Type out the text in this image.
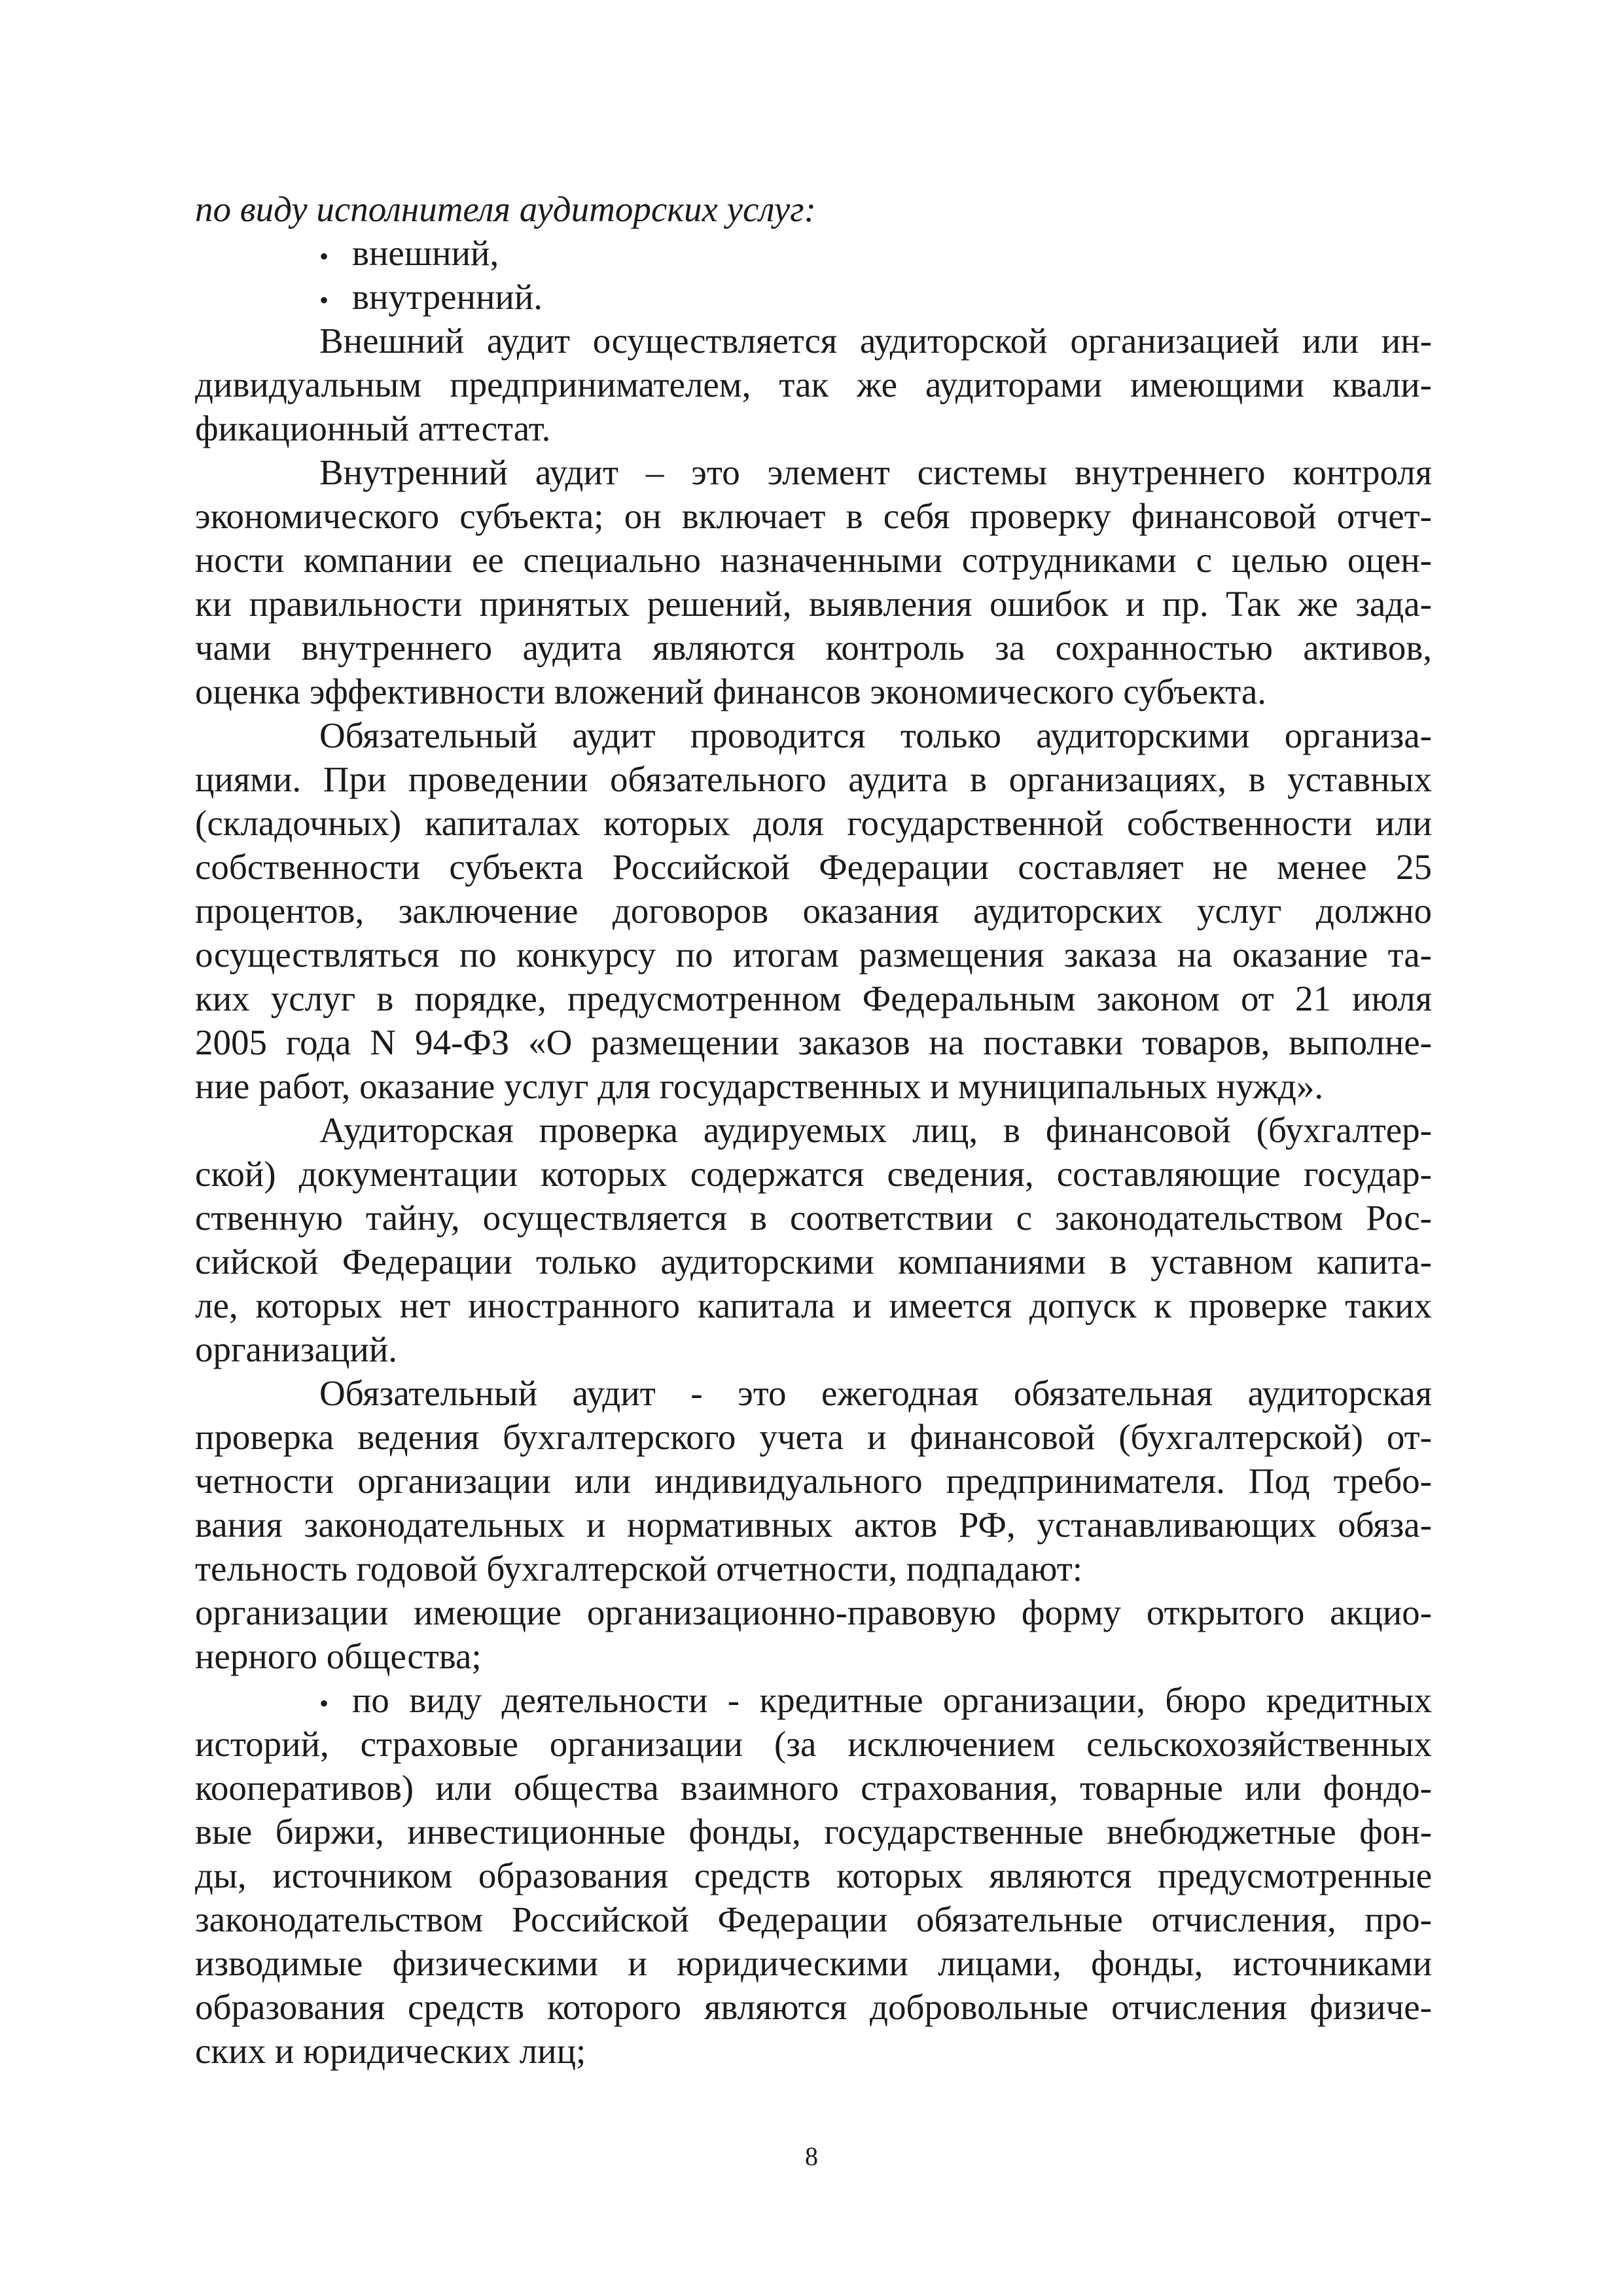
по виду исполнителя аудиторских услуг:
• внешний,
• внутренний.
Внешний аудит осуществляется аудиторской организацией или ин-
дивидуальным предпринимателем, так же аудиторами имеющими квали-
фикационный аттестат.
Внутренний аудит – это элемент системы внутреннего контроля
экономического субъекта; он включает в себя проверку финансовой отчет-
ности компании ее специально назначенными сотрудниками с целью оцен-
ки правильности принятых решений, выявления ошибок и пр. Так же зада-
чами внутреннего аудита являются контроль за сохранностью активов,
оценка эффективности вложений финансов экономического субъекта.
Обязательный аудит проводится только аудиторскими организа-
циями. При проведении обязательного аудита в организациях, в уставных
(складочных) капиталах которых доля государственной собственности или
собственности субъекта Российской Федерации составляет не менее 25
процентов, заключение договоров оказания аудиторских услуг должно
осуществляться по конкурсу по итогам размещения заказа на оказание та-
ких услуг в порядке, предусмотренном Федеральным законом от 21 июля
2005 года N 94-ФЗ «О размещении заказов на поставки товаров, выполне-
ние работ, оказание услуг для государственных и муниципальных нужд».
Аудиторская проверка аудируемых лиц, в финансовой (бухгалтер-
ской) документации которых содержатся сведения, составляющие государ-
ственную тайну, осуществляется в соответствии с законодательством Рос-
сийской Федерации только аудиторскими компаниями в уставном капита-
ле, которых нет иностранного капитала и имеется допуск к проверке таких
организаций.
Обязательный аудит - это ежегодная обязательная аудиторская
проверка ведения бухгалтерского учета и финансовой (бухгалтерской) от-
четности организации или индивидуального предпринимателя. Под требо-
вания законодательных и нормативных актов РФ, устанавливающих обяза-
тельность годовой бухгалтерской отчетности, подпадают:
организации имеющие организационно-правовую форму открытого акцио-
нерного общества;
• по виду деятельности - кредитные организации, бюро кредитных
историй, страховые организации (за исключением сельскохозяйственных
кооперативов) или общества взаимного страхования, товарные или фондо-
вые биржи, инвестиционные фонды, государственные внебюджетные фон-
ды, источником образования средств которых являются предусмотренные
законодательством Российской Федерации обязательные отчисления, про-
изводимые физическими и юридическими лицами, фонды, источниками
образования средств которого являются добровольные отчисления физиче-
ских и юридических лиц;
8
